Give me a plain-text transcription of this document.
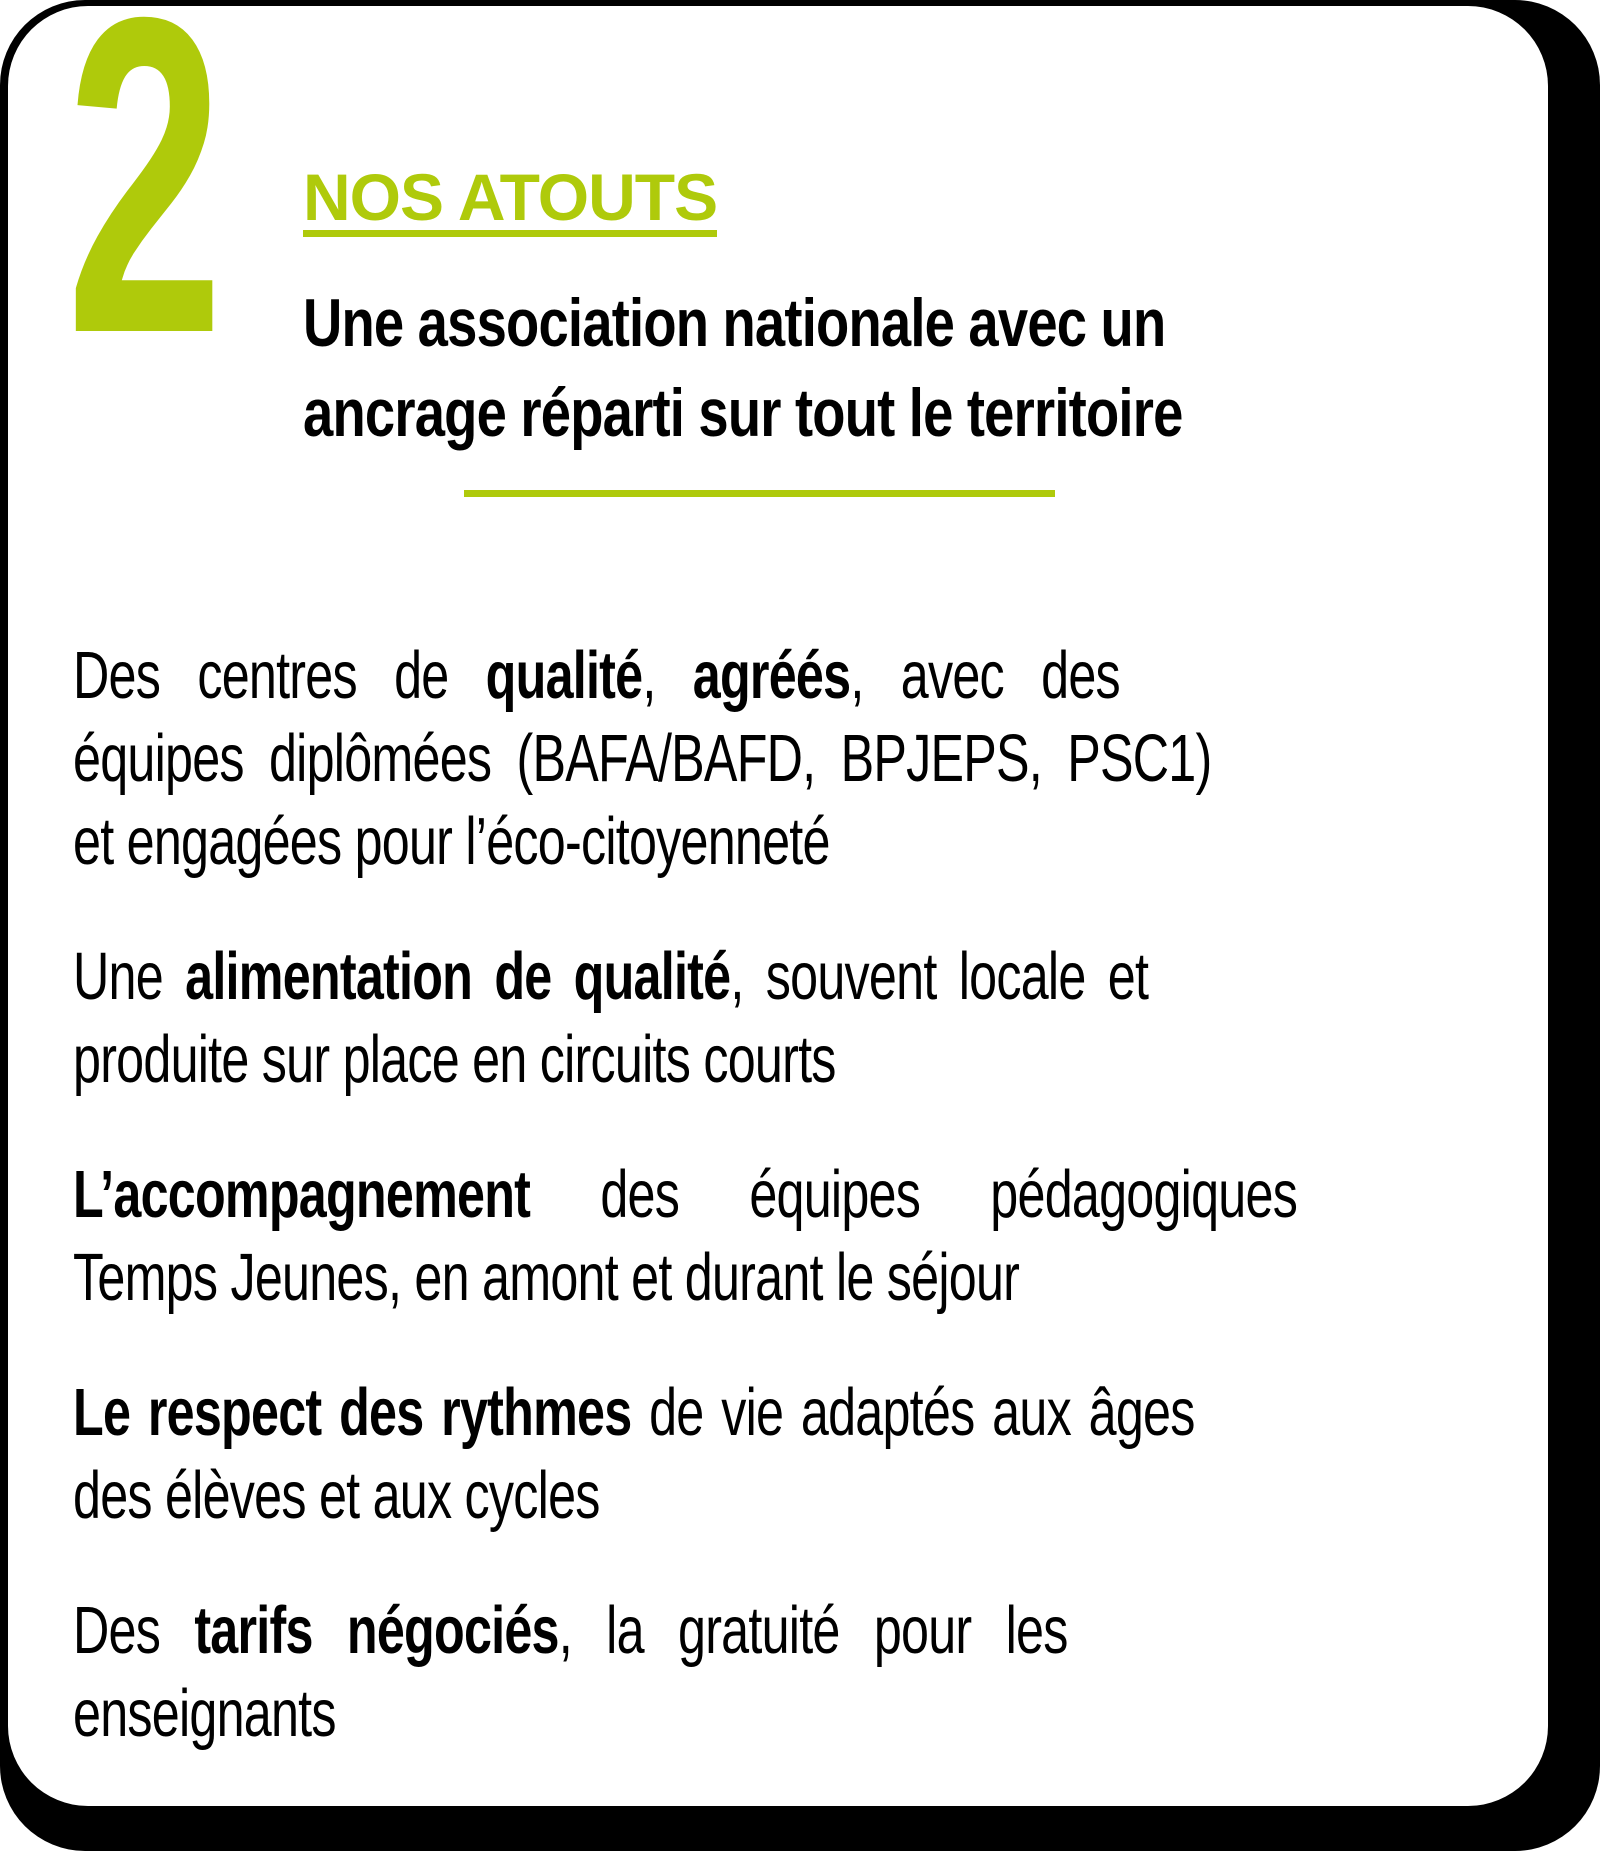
2 NOS ATOUTS
Une association nationale avec un
ancrage réparti sur tout le territoire
Des centres de qualité, agréés, avec des
équipes diplômées (BAFA/BAFD, BPJEPS, PSC1)
et engagées pour l’éco-citoyenneté
Une alimentation de qualité, souvent locale et
produite sur place en circuits courts
L’accompagnement des équipes pédagogiques
Temps Jeunes, en amont et durant le séjour
Le respect des rythmes de vie adaptés aux âges
des élèves et aux cycles
Des tarifs négociés, la gratuité pour les
enseignants
